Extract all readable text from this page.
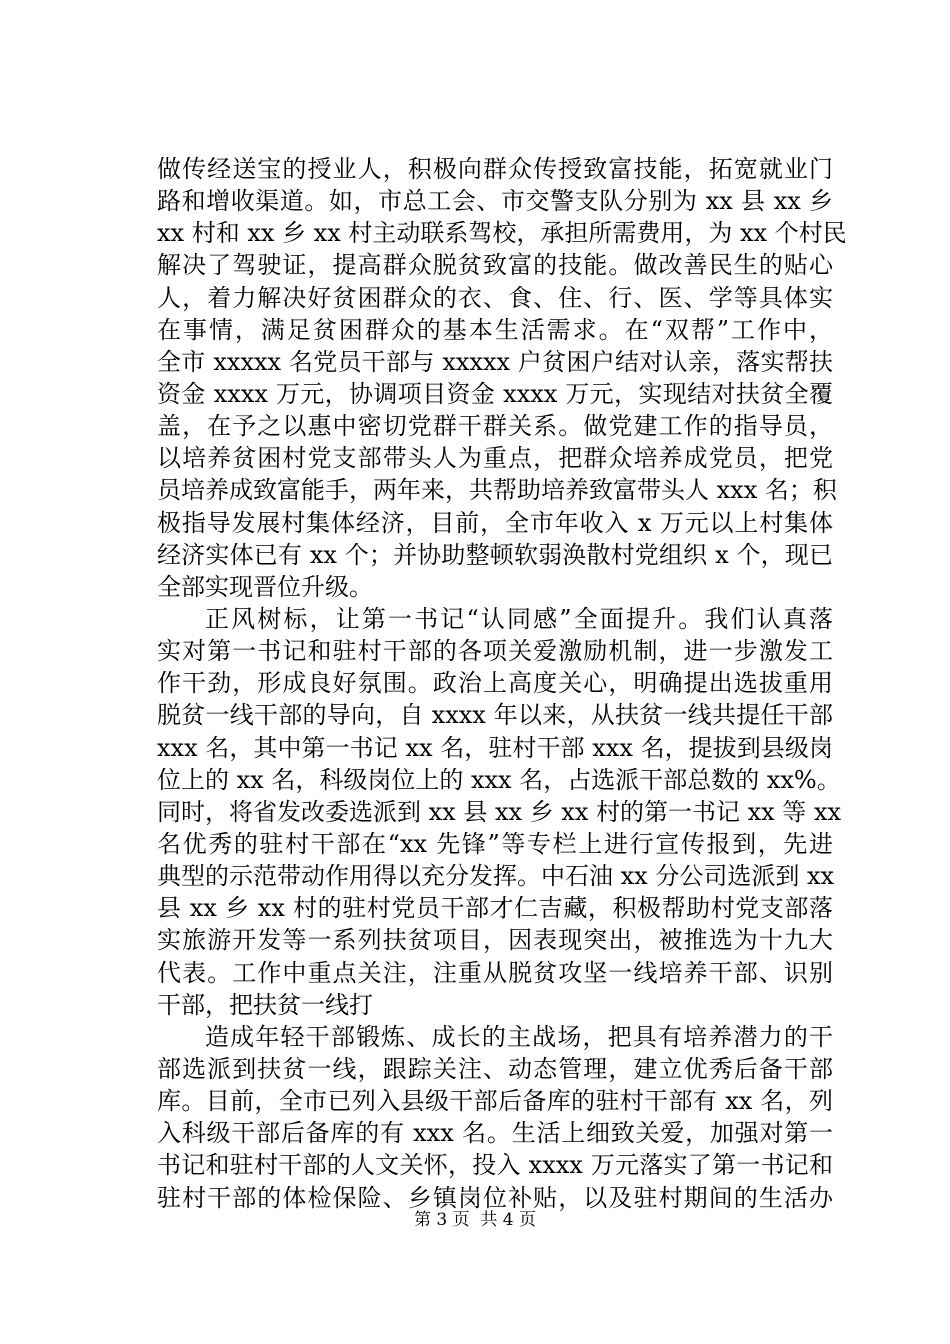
做传经送宝的授业人，积极向群众传授致富技能，拓宽就业门
路和增收渠道。如，市总工会、市交警支队分别为 xx 县 xx 乡
xx 村和 xx 乡 xx 村主动联系驾校，承担所需费用，为 xx 个村民
解决了驾驶证，提高群众脱贫致富的技能。做改善民生的贴心
人，着力解决好贫困群众的衣、食、住、行、医、学等具体实
在事情，满足贫困群众的基本生活需求。在“双帮”工作中，
全市 xxxxx 名党员干部与 xxxxx 户贫困户结对认亲，落实帮扶
资金 xxxx 万元，协调项目资金 xxxx 万元，实现结对扶贫全覆
盖，在予之以惠中密切党群干群关系。做党建工作的指导员，
以培养贫困村党支部带头人为重点，把群众培养成党员，把党
员培养成致富能手，两年来，共帮助培养致富带头人 xxx 名；积
极指导发展村集体经济，目前，全市年收入 x 万元以上村集体
经济实体已有 xx 个；并协助整顿软弱涣散村党组织 x 个，现已
全部实现晋位升级。
正风树标，让第一书记“认同感”全面提升。我们认真落
实对第一书记和驻村干部的各项关爱激励机制，进一步激发工
作干劲，形成良好氛围。政治上高度关心，明确提出选拔重用
脱贫一线干部的导向，自 xxxx 年以来，从扶贫一线共提任干部
xxx 名，其中第一书记 xx 名，驻村干部 xxx 名，提拔到县级岗
位上的 xx 名，科级岗位上的 xxx 名，占选派干部总数的 xx%。
同时，将省发改委选派到 xx 县 xx 乡 xx 村的第一书记 xx 等 xx
名优秀的驻村干部在“xx 先锋”等专栏上进行宣传报到，先进
典型的示范带动作用得以充分发挥。中石油 xx 分公司选派到 xx
县 xx 乡 xx 村的驻村党员干部才仁吉藏，积极帮助村党支部落
实旅游开发等一系列扶贫项目，因表现突出，被推选为十九大
代表。工作中重点关注，注重从脱贫攻坚一线培养干部、识别
干部，把扶贫一线打
造成年轻干部锻炼、成长的主战场，把具有培养潜力的干
部选派到扶贫一线，跟踪关注、动态管理，建立优秀后备干部
库。目前，全市已列入县级干部后备库的驻村干部有 xx 名，列
入科级干部后备库的有 xxx 名。生活上细致关爱，加强对第一
书记和驻村干部的人文关怀，投入 xxxx 万元落实了第一书记和
驻村干部的体检保险、乡镇岗位补贴，以及驻村期间的生活办
第 3 页  共 4 页
